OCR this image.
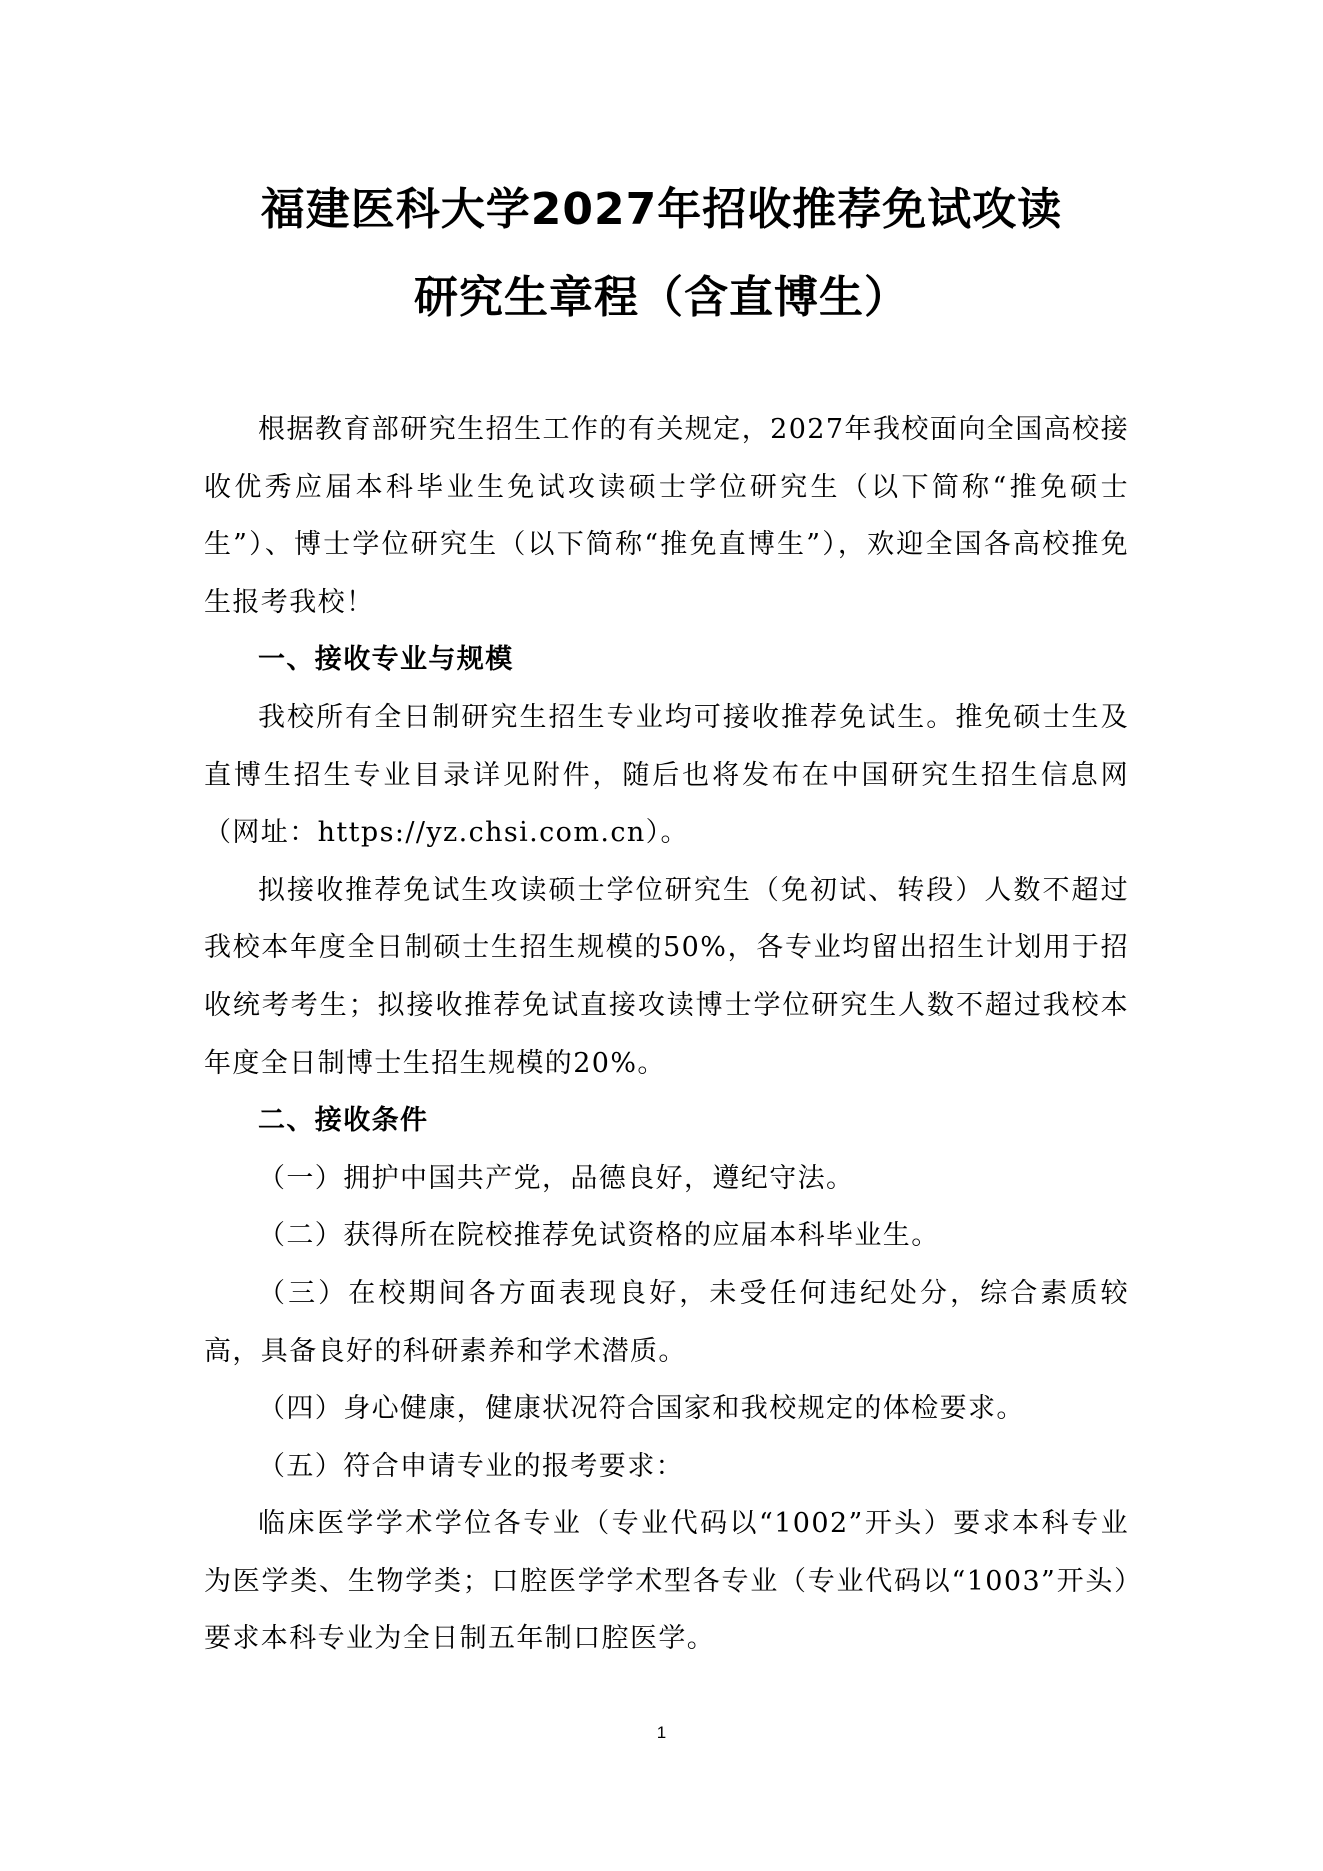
福建医科大学2027年招收推荐免试攻读
研究生章程（含直博生）

根据教育部研究生招生工作的有关规定，2027年我校面向全国高校接收优秀应届本科毕业生免试攻读硕士学位研究生（以下简称“推免硕士生”）、博士学位研究生（以下简称“推免直博生”），欢迎全国各高校推免生报考我校！

一、接收专业与规模

我校所有全日制研究生招生专业均可接收推荐免试生。推免硕士生及直博生招生专业目录详见附件，随后也将发布在中国研究生招生信息网（网址：https://yz.chsi.com.cn）。

拟接收推荐免试生攻读硕士学位研究生（免初试、转段）人数不超过我校本年度全日制硕士生招生规模的50%，各专业均留出招生计划用于招收统考考生；拟接收推荐免试直接攻读博士学位研究生人数不超过我校本年度全日制博士生招生规模的20%。

二、接收条件

（一）拥护中国共产党，品德良好，遵纪守法。

（二）获得所在院校推荐免试资格的应届本科毕业生。

（三）在校期间各方面表现良好，未受任何违纪处分，综合素质较高，具备良好的科研素养和学术潜质。

（四）身心健康，健康状况符合国家和我校规定的体检要求。

（五）符合申请专业的报考要求：

临床医学学术学位各专业（专业代码以“1002”开头）要求本科专业为医学类、生物学类；口腔医学学术型各专业（专业代码以“1003”开头）要求本科专业为全日制五年制口腔医学。

1
